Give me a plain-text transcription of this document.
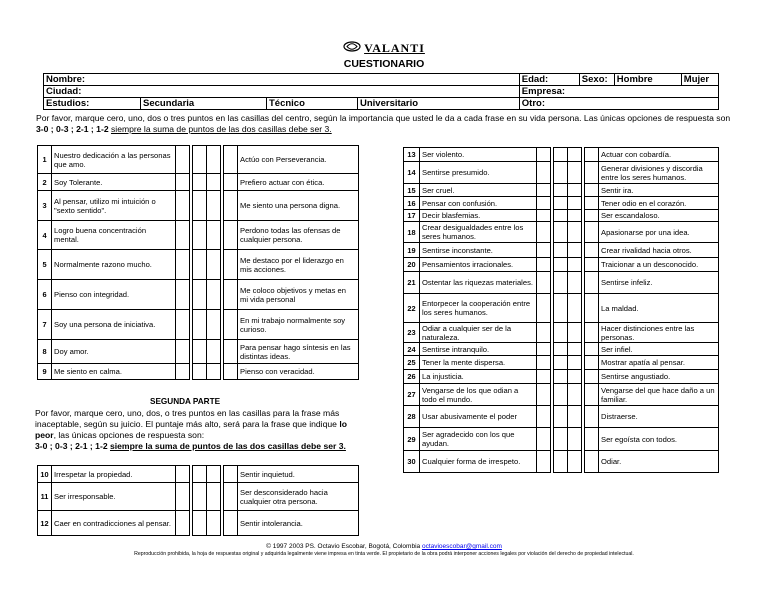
VALANTI
CUESTIONARIO
Nombre:				Edad:	Sexo:	Hombre	Mujer
Ciudad:				Empresa:			
Estudios:	Secundaria	Técnico	Universitario	Otro:			
Por favor, marque cero, uno, dos o tres puntos en las casillas del centro, según la importancia que usted le da a cada frase en su vida persona. Las únicas opciones de respuesta son 3-0 ; 0-3 ; 2-1 ; 1-2 siempre la suma de puntos de las dos casillas debe ser 3.
1	Nuestro dedicación a las personas que amo.							Actúo con Perseverancia.
2	Soy Tolerante.							Prefiero actuar con ética.
3	Al pensar, utilizo mi intuición o "sexto sentido".							Me siento una persona digna.
4	Logro buena concentración mental.							Perdono todas las ofensas de cualquier persona.
5	Normalmente razono mucho.							Me destaco por el liderazgo en mis acciones.
6	Pienso con integridad.							Me coloco objetivos y metas en mi vida personal
7	Soy una persona de iniciativa.							En mi trabajo normalmente soy curioso.
8	Doy amor.							Para pensar hago síntesis en las distintas ideas.
9	Me siento en calma.							Pienso con veracidad.
SEGUNDA PARTE
Por favor, marque cero, uno, dos, o tres puntos en las casillas para la frase más inaceptable, según su juicio. El puntaje más alto, será para la frase que indique lo peor, las únicas opciones de respuesta son:
3-0 ; 0-3 ; 2-1 ; 1-2 siempre la suma de puntos de las dos casillas debe ser 3.
10	Irrespetar la propiedad.							Sentir inquietud.
11	Ser irresponsable.							Ser desconsiderado hacia cualquier otra persona.
12	Caer en contradicciones al pensar.							Sentir intolerancia.
13	Ser violento.							Actuar con cobardía.
14	Sentirse presumido.							Generar divisiones y discordia entre los seres humanos.
15	Ser cruel.							Sentir ira.
16	Pensar con confusión.							Tener odio en el corazón.
17	Decir blasfemias.							Ser escandaloso.
18	Crear desigualdades entre los seres humanos.							Apasionarse por una idea.
19	Sentirse inconstante.							Crear rivalidad hacia otros.
20	Pensamientos irracionales.							Traicionar a un desconocido.
21	Ostentar las riquezas materiales.							Sentirse infeliz.
22	Entorpecer la cooperación entre los seres humanos.							La maldad.
23	Odiar a cualquier ser de la naturaleza.							Hacer distinciones entre las personas.
24	Sentirse intranquilo.							Ser infiel.
25	Tener la mente dispersa.							Mostrar apatía al pensar.
26	La injusticia.							Sentirse angustiado.
27	Vengarse de los que odian a todo el mundo.							Vengarse del que hace daño a un familiar.
28	Usar abusivamente el poder							Distraerse.
29	Ser agradecido con los que ayudan.							Ser egoísta con todos.
30	Cualquier forma de irrespeto.							Odiar.
© 1997 2003 PS. Octavio Escobar, Bogotá, Colombia octavioescobar@gmail.com
Reproducción prohibida, la hoja de respuestas original y adquirida legalmente viene impresa en tinta verde. El propietario de la obra podrá interponer acciones legales por violación del derecho de propiedad intelectual.
